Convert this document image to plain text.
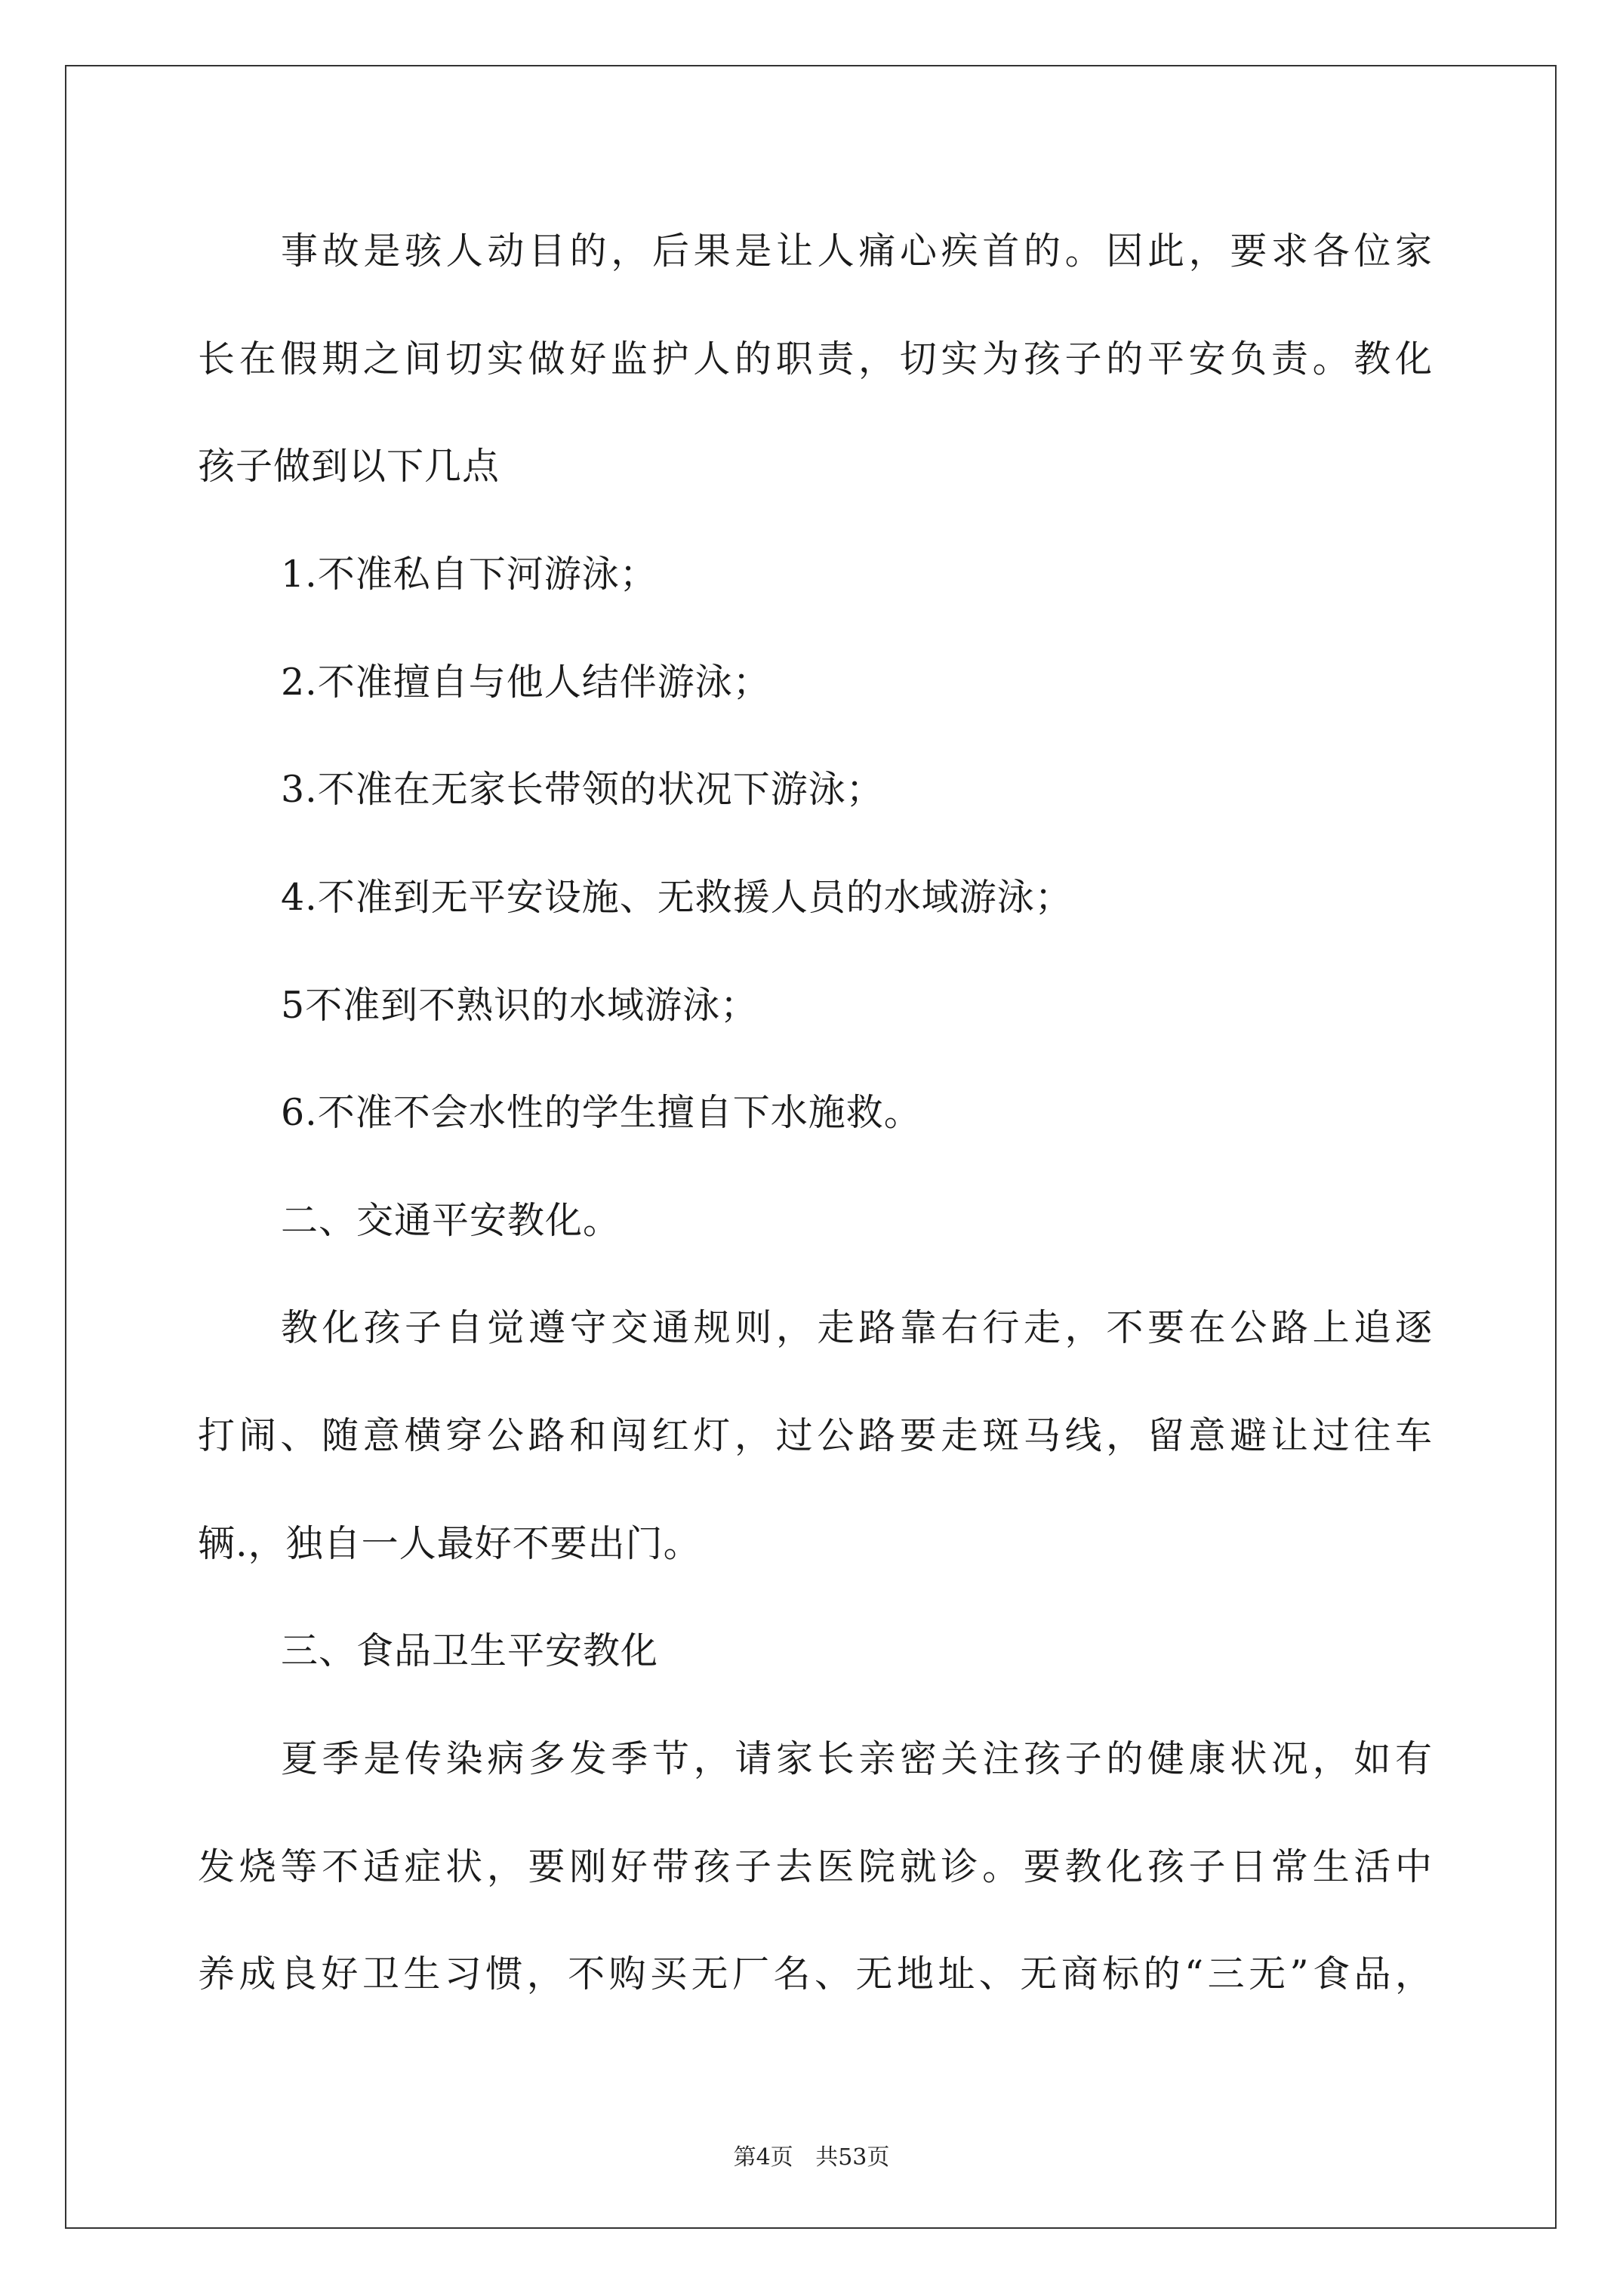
事故是骇人动目的，后果是让人痛心疾首的。因此，要求各位家
长在假期之间切实做好监护人的职责，切实为孩子的平安负责。教化
孩子做到以下几点
1.不准私自下河游泳；
2.不准擅自与他人结伴游泳；
3.不准在无家长带领的状况下游泳；
4.不准到无平安设施、无救援人员的水域游泳；
5不准到不熟识的水域游泳；
6.不准不会水性的学生擅自下水施救。
二、交通平安教化。
教化孩子自觉遵守交通规则，走路靠右行走，不要在公路上追逐
打闹、随意横穿公路和闯红灯，过公路要走斑马线，留意避让过往车
辆.，独自一人最好不要出门。
三、食品卫生平安教化
夏季是传染病多发季节，请家长亲密关注孩子的健康状况，如有
发烧等不适症状，要刚好带孩子去医院就诊。要教化孩子日常生活中
养成良好卫生习惯，不购买无厂名、无地址、无商标的“三无”食品，
第4页 共53页
